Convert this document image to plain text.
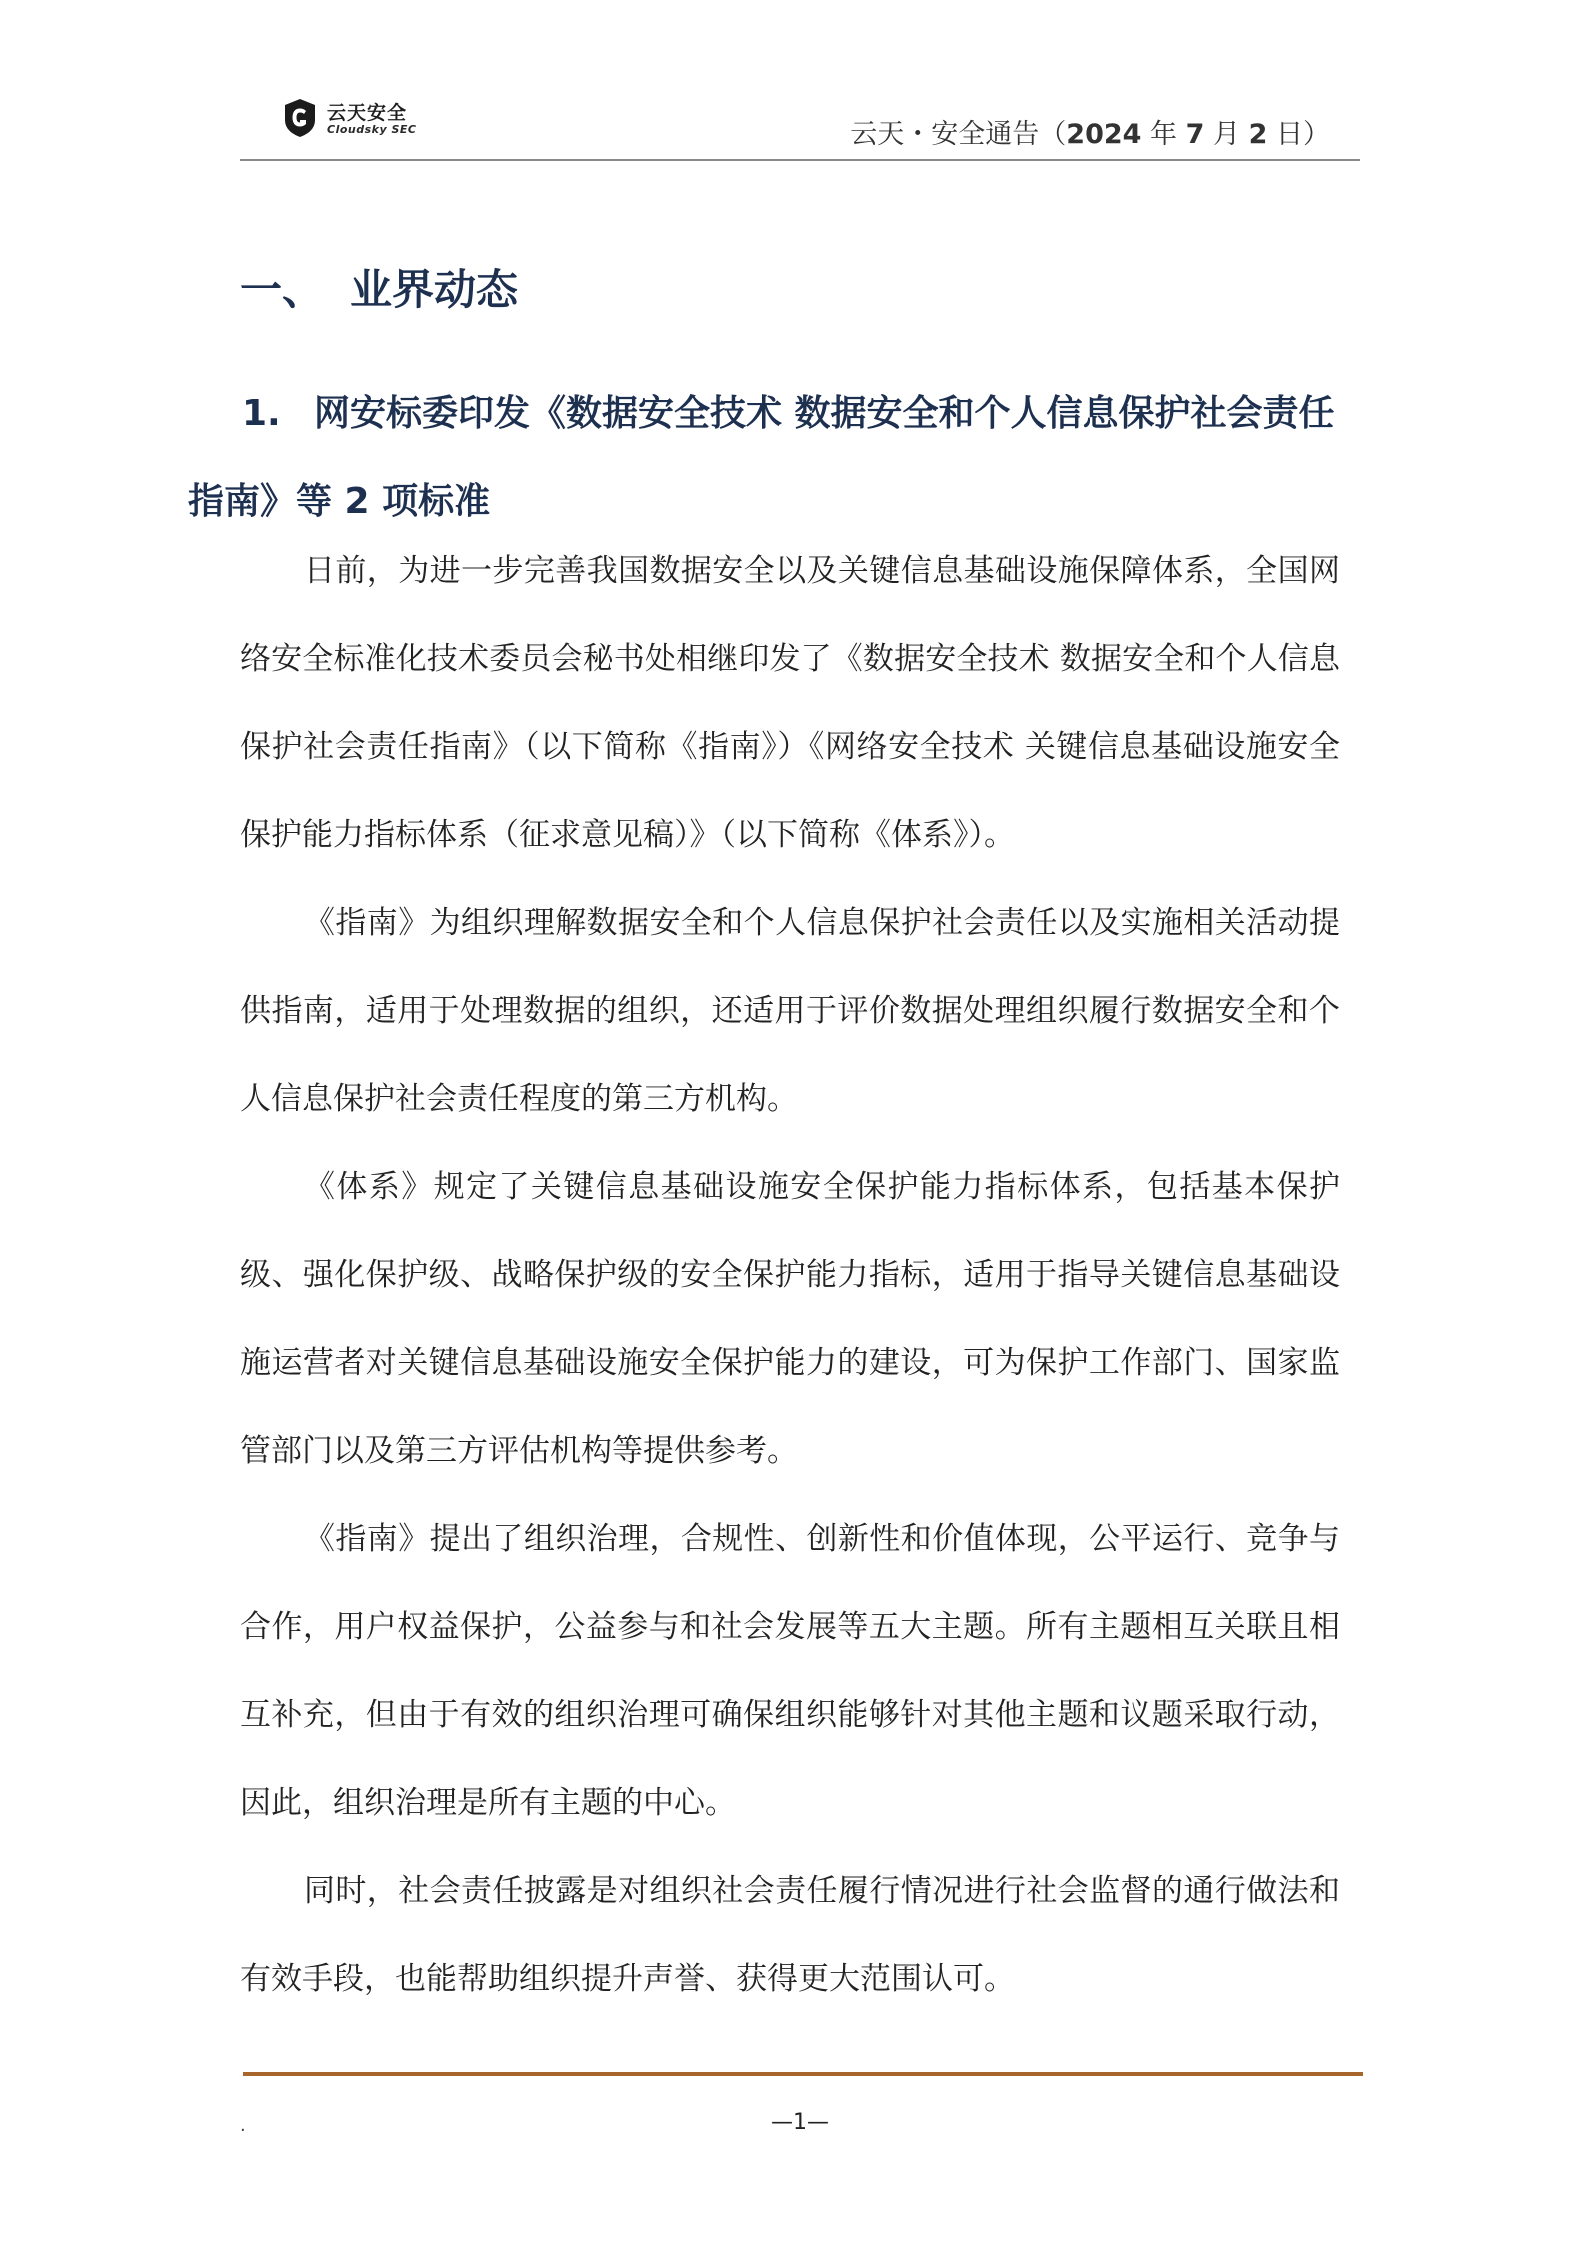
云天安全
Cloudsky SEC	云天・安全通告（2024 年 7 月 2 日）
一、 业界动态
1. 网安标委印发《数据安全技术 数据安全和个人信息保护社会责任指南》等 2 项标准

日前，为进一步完善我国数据安全以及关键信息基础设施保障体系，全国网络安全标准化技术委员会秘书处相继印发了《数据安全技术 数据安全和个人信息保护社会责任指南》（以下简称《指南》）《网络安全技术 关键信息基础设施安全保护能力指标体系（征求意见稿）》（以下简称《体系》）。

《指南》为组织理解数据安全和个人信息保护社会责任以及实施相关活动提供指南，适用于处理数据的组织，还适用于评价数据处理组织履行数据安全和个人信息保护社会责任程度的第三方机构。

《体系》规定了关键信息基础设施安全保护能力指标体系，包括基本保护级、强化保护级、战略保护级的安全保护能力指标，适用于指导关键信息基础设施运营者对关键信息基础设施安全保护能力的建设，可为保护工作部门、国家监管部门以及第三方评估机构等提供参考。

《指南》提出了组织治理，合规性、创新性和价值体现，公平运行、竞争与合作，用户权益保护，公益参与和社会发展等五大主题。所有主题相互关联且相互补充，但由于有效的组织治理可确保组织能够针对其他主题和议题采取行动，因此，组织治理是所有主题的中心。

同时，社会责任披露是对组织社会责任履行情况进行社会监督的通行做法和有效手段，也能帮助组织提升声誉、获得更大范围认可。

.	—1—
